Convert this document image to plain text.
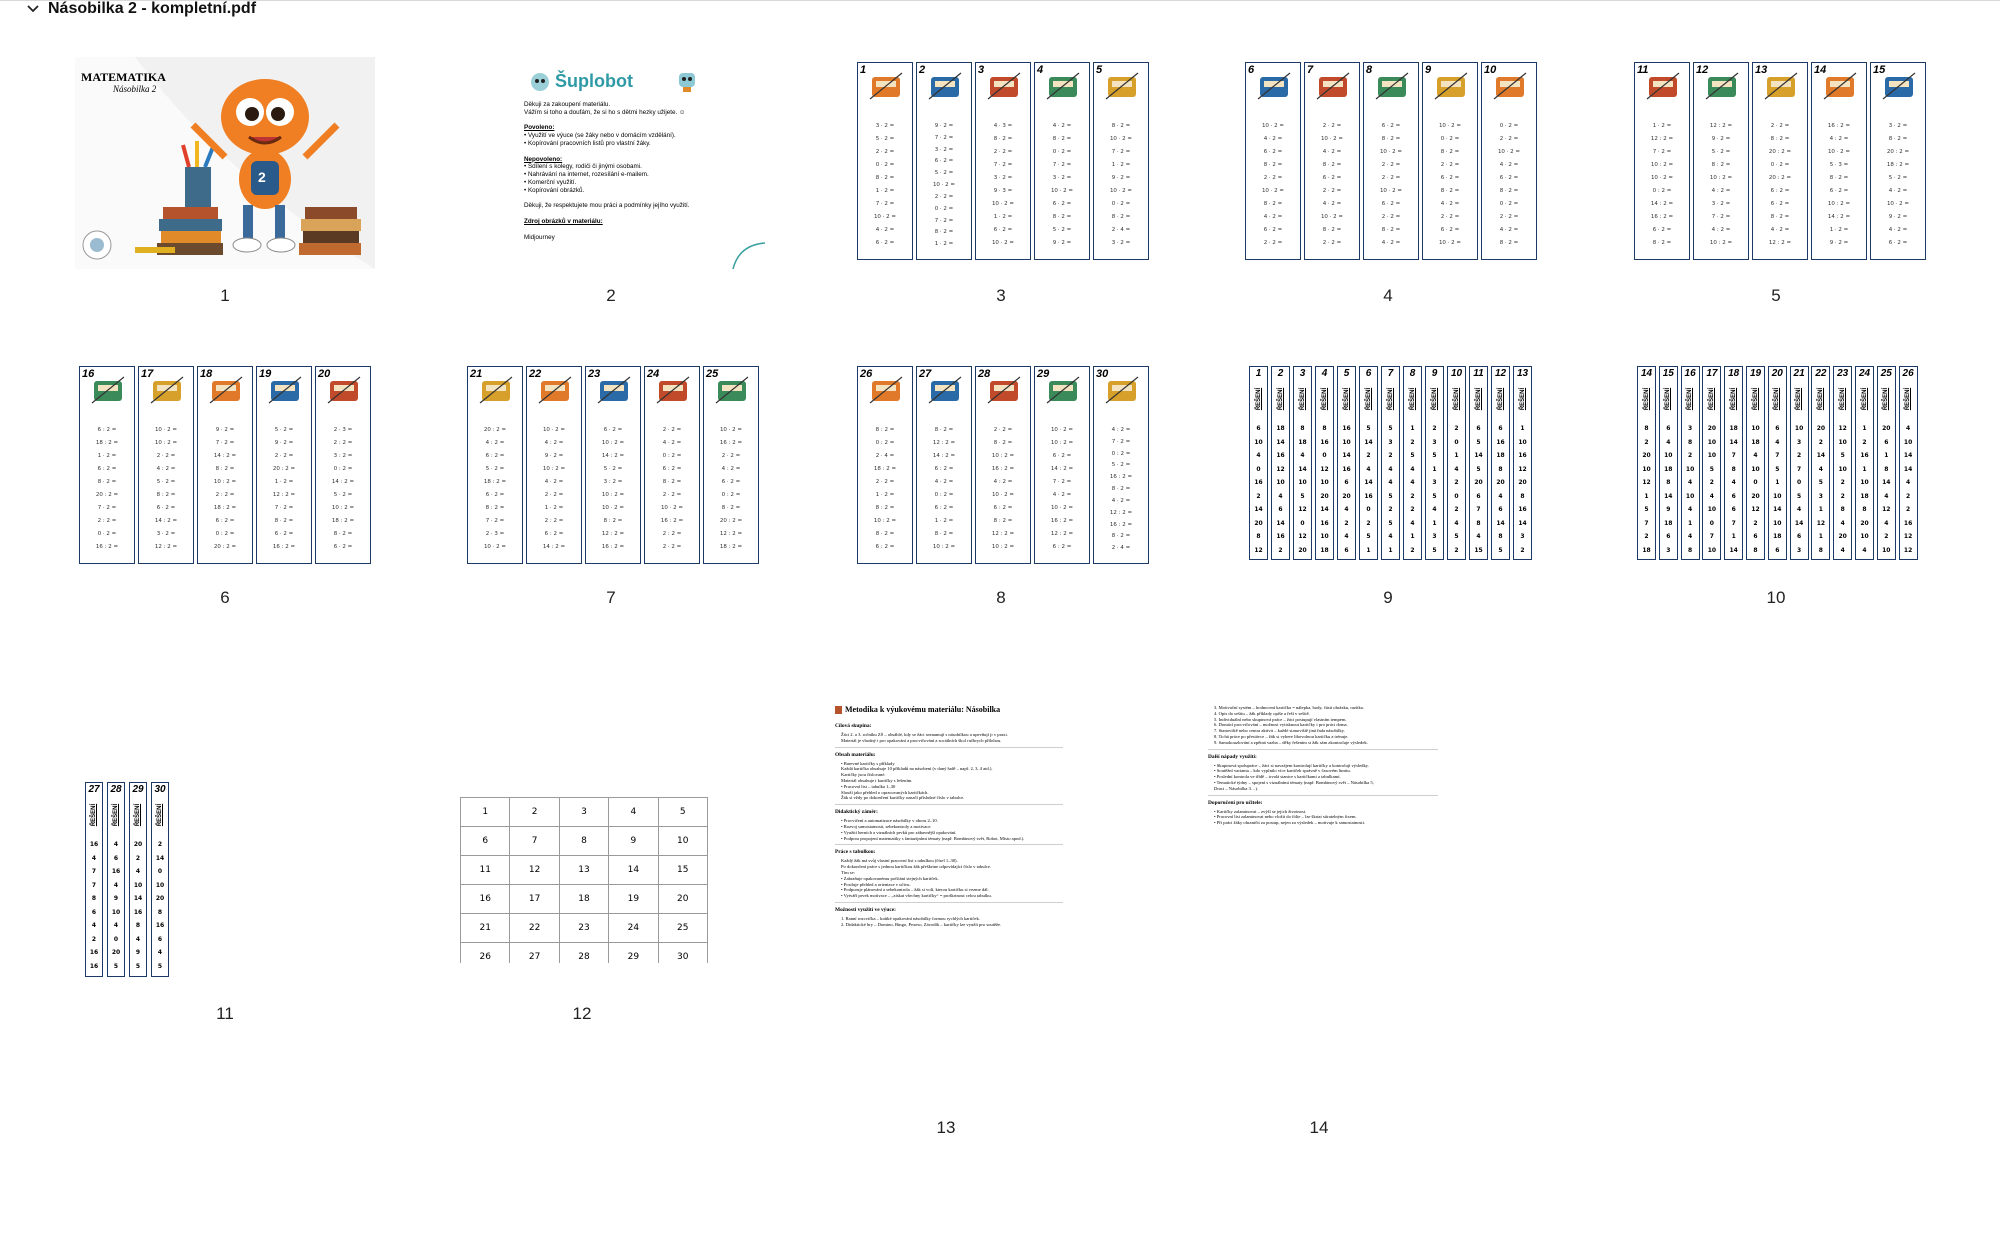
Násobilka 2 - kompletní.pdf
MATEMATIKA
Násobilka 2
2
Šuplobot
Děkuji za zakoupení materiálu.
Vážím si toho a doufám, že si ho s dětmi hezky užijete. ☺
Povoleno:
• Využití ve výuce (se žáky nebo v domácím vzdělání).
• Kopírování pracovních listů pro vlastní žáky.
Nepovoleno:
• Sdílení s kolegy, rodiči či jinými osobami.
• Nahrávání na internet, rozesílání e-mailem.
• Komerční využití.
• Kopírování obrázků.
Děkuji, že respektujete mou práci a podmínky jejího využití.
Zdroj obrázků v materiálu:
Midjourney
1
3 · 2 =
5 · 2 =
2 · 2 =
0 · 2 =
8 · 2 =
1 · 2 =
7 · 2 =
10 · 2 =
4 · 2 =
6 · 2 =
2
9 · 2 =
7 · 2 =
3 · 2 =
6 · 2 =
5 · 2 =
10 · 2 =
2 · 2 =
0 · 2 =
7 · 2 =
8 · 2 =
1 · 2 =
3
4 · 3 =
8 · 2 =
2 · 2 =
7 · 2 =
3 · 2 =
9 · 3 =
10 · 2 =
1 · 2 =
6 · 2 =
10 · 2 =
4
4 · 2 =
8 · 2 =
0 · 2 =
7 · 2 =
3 · 2 =
10 · 2 =
6 · 2 =
8 · 2 =
5 · 2 =
9 · 2 =
5
8 · 2 =
10 · 2 =
7 · 2 =
1 · 2 =
9 · 2 =
10 · 2 =
0 · 2 =
8 · 2 =
2 · 4 =
3 · 2 =
6
10 · 2 =
4 · 2 =
6 · 2 =
8 · 2 =
2 · 2 =
10 · 2 =
8 · 2 =
4 · 2 =
6 · 2 =
2 · 2 =
7
2 · 2 =
10 · 2 =
4 · 2 =
8 · 2 =
6 · 2 =
2 · 2 =
4 · 2 =
10 · 2 =
8 · 2 =
2 · 2 =
8
6 · 2 =
8 · 2 =
10 · 2 =
2 · 2 =
2 · 2 =
10 · 2 =
6 · 2 =
2 · 2 =
8 · 2 =
4 · 2 =
9
10 · 2 =
0 · 2 =
8 · 2 =
2 · 2 =
6 · 2 =
8 · 2 =
4 · 2 =
2 · 2 =
6 · 2 =
10 · 2 =
10
0 · 2 =
2 · 2 =
10 · 2 =
4 · 2 =
6 · 2 =
8 · 2 =
0 · 2 =
2 · 2 =
4 · 2 =
8 · 2 =
11
1 · 2 =
12 : 2 =
7 · 2 =
10 : 2 =
10 · 2 =
0 : 2 =
14 : 2 =
16 : 2 =
6 · 2 =
8 · 2 =
12
12 : 2 =
9 · 2 =
5 · 2 =
8 : 2 =
10 : 2 =
4 : 2 =
3 · 2 =
7 · 2 =
4 : 2 =
10 : 2 =
13
2 · 2 =
8 : 2 =
20 : 2 =
0 · 2 =
20 : 2 =
6 : 2 =
6 · 2 =
8 · 2 =
4 · 2 =
12 : 2 =
14
16 : 2 =
4 : 2 =
10 · 2 =
5 · 3 =
8 · 2 =
6 · 2 =
10 : 2 =
14 : 2 =
1 · 2 =
9 · 2 =
15
3 · 2 =
8 · 2 =
20 : 2 =
18 : 2 =
5 · 2 =
4 · 2 =
10 · 2 =
9 · 2 =
4 · 2 =
6 · 2 =
16
6 : 2 =
18 : 2 =
1 · 2 =
6 : 2 =
8 · 2 =
20 : 2 =
7 · 2 =
2 : 2 =
0 · 2 =
16 : 2 =
17
10 · 2 =
10 : 2 =
2 · 2 =
4 : 2 =
5 · 2 =
8 : 2 =
6 · 2 =
14 : 2 =
3 · 2 =
12 : 2 =
18
9 · 2 =
7 · 2 =
14 : 2 =
8 : 2 =
10 : 2 =
2 : 2 =
18 : 2 =
6 : 2 =
0 : 2 =
20 : 2 =
19
5 · 2 =
9 · 2 =
2 · 2 =
20 : 2 =
1 · 2 =
12 : 2 =
7 · 2 =
8 · 2 =
6 · 2 =
16 : 2 =
20
2 · 3 =
2 : 2 =
3 : 2 =
0 : 2 =
14 : 2 =
5 · 2 =
10 : 2 =
18 : 2 =
8 · 2 =
6 · 2 =
21
20 : 2 =
4 : 2 =
6 : 2 =
5 · 2 =
18 : 2 =
6 · 2 =
8 : 2 =
7 · 2 =
2 · 3 =
10 · 2 =
22
10 · 2 =
4 : 2 =
9 · 2 =
10 : 2 =
4 · 2 =
2 · 2 =
1 · 2 =
2 : 2 =
6 : 2 =
14 : 2 =
23
6 · 2 =
10 : 2 =
14 : 2 =
5 · 2 =
3 : 2 =
10 : 2 =
10 · 2 =
8 : 2 =
12 : 2 =
16 : 2 =
24
2 · 2 =
4 · 2 =
0 : 2 =
6 : 2 =
8 · 2 =
2 · 2 =
10 · 2 =
16 : 2 =
2 : 2 =
2 · 2 =
25
10 · 2 =
16 : 2 =
2 · 2 =
4 : 2 =
6 · 2 =
0 : 2 =
8 · 2 =
20 : 2 =
12 : 2 =
18 : 2 =
26
8 : 2 =
0 : 2 =
2 · 4 =
18 : 2 =
2 · 2 =
1 · 2 =
8 : 2 =
10 : 2 =
8 · 2 =
6 : 2 =
27
8 · 2 =
12 : 2 =
14 : 2 =
6 : 2 =
4 · 2 =
0 : 2 =
6 : 2 =
1 · 2 =
8 · 2 =
10 : 2 =
28
2 · 2 =
8 · 2 =
10 : 2 =
16 : 2 =
4 : 2 =
10 · 2 =
6 : 2 =
8 : 2 =
12 : 2 =
10 : 2 =
29
10 · 2 =
10 : 2 =
6 · 2 =
14 : 2 =
7 · 2 =
4 · 2 =
10 · 2 =
16 : 2 =
12 : 2 =
6 : 2 =
30
4 : 2 =
7 · 2 =
0 : 2 =
5 · 2 =
16 : 2 =
8 · 2 =
4 · 2 =
12 : 2 =
16 : 2 =
8 · 2 =
2 · 4 =
1
ŘEŠENÍ
6
10
4
0
16
2
14
20
8
12
2
ŘEŠENÍ
18
14
16
12
10
4
6
14
16
2
3
ŘEŠENÍ
8
18
4
14
10
5
12
0
12
20
4
ŘEŠENÍ
8
16
0
12
10
20
14
16
10
18
5
ŘEŠENÍ
16
10
14
16
6
20
4
2
4
6
6
ŘEŠENÍ
5
14
2
4
14
16
0
2
5
1
7
ŘEŠENÍ
5
3
2
4
4
5
2
5
4
1
8
ŘEŠENÍ
1
2
5
4
4
2
2
4
1
2
9
ŘEŠENÍ
2
3
5
1
3
5
4
1
3
5
10
ŘEŠENÍ
2
0
1
4
2
0
2
4
5
2
11
ŘEŠENÍ
6
5
14
5
20
6
7
8
4
15
12
ŘEŠENÍ
6
16
18
8
20
4
6
14
8
5
13
ŘEŠENÍ
1
10
16
12
20
8
16
14
3
2
14
ŘEŠENÍ
8
2
20
10
12
1
5
7
2
18
15
ŘEŠENÍ
6
4
10
18
8
14
9
18
6
3
16
ŘEŠENÍ
3
8
2
10
4
10
4
1
4
8
17
ŘEŠENÍ
20
10
10
5
2
4
10
0
7
10
18
ŘEŠENÍ
18
14
7
8
4
6
6
7
1
14
19
ŘEŠENÍ
10
18
4
10
0
20
12
2
6
8
20
ŘEŠENÍ
6
4
7
5
1
10
14
10
18
6
21
ŘEŠENÍ
10
3
2
7
0
5
4
14
6
3
22
ŘEŠENÍ
20
2
14
4
5
3
1
12
1
8
23
ŘEŠENÍ
12
10
5
10
2
2
8
4
20
4
24
ŘEŠENÍ
1
2
16
1
10
18
8
20
10
4
25
ŘEŠENÍ
20
6
1
8
14
4
12
4
2
10
26
ŘEŠENÍ
4
10
14
14
4
2
2
16
12
12
27
ŘEŠENÍ
16
4
7
7
8
6
4
2
16
16
28
ŘEŠENÍ
4
6
16
4
9
10
4
0
20
5
29
ŘEŠENÍ
20
2
4
10
14
16
8
4
9
5
30
ŘEŠENÍ
2
14
0
10
20
8
16
6
4
5
1	2	3	4	5
6	7	8	9	10
11	12	13	14	15
16	17	18	19	20
21	22	23	24	25
26	27	28	29	30
Metodika k výukovému materiálu: Násobilka
Cílová skupina:
Žáci 2. a 3. ročníku ZŠ – obsáhlé, kdy se žáci seznamují s násobilkou a upevňují ji v praxi.
Materiál je vhodný i pro opakování a procvičování a sociálních škol ručbrych přílohou.
Obsah materiálu:
• Barevné kartičky s příklady
Každá kartička obsahuje 10 příkladů na násobení (v daný řadě – např. 2, 3, 4 atd.).
Kartičky jsou číslované.
Materiál obsahuje i kartičky s řešením.
• Pracovní list – tabulka 1–30
Slouží jako přehled o opracovaných kartičkách.
Žák si vždy po dokončení kartičky označí příslušné číslo v tabulce.
Didaktický záměr:
• Procvičení a automatizace násobilky v oboru 2–10.
• Rozvoj samostatnosti, sebekontroly a motivace.
• Využití herních a vizuálních prvků pro zábavnější opakování.
• Podpora propojení matematiky s fantazijními tématy (např. Bombinový svět, Robot, Místo apod.).
Práce s tabulkou:
Každý žák má svůj vlastní pracovní list s tabulkou (čísel 1–30).
Po dokončení práce s jednou kartičkou žák přeškrtne odpovídající číslo v tabulce.
Tím se:
• Zabraňuje opakovanému počítání stejných kartiček.
• Posiluje přehled a orientace v učivu.
• Podporuje plánování a sebekontrola – žák si volí, kterou kartičku si vezme dál.
• Vytváří prvek motivace – „získat všechny kartičky“ = proškrtnout celou tabulku.
Možnosti využití ve výuce:
1. Ranní rozcvička – krátké opakování násobilky formou rychlých kartiček.
2. Didaktické hry – Domino, Bingo, Pexeso, Závodík – kartičky lze využít pro soutěže.
3. Motivační systém – hodnocení kartička = nálepka, body, části obrázku, razítko.
4. Opis do sešitu – žák příklady opíše a řeší v sešitě.
5. Individuální nebo skupinová práce – žáci postupují vlastním tempem.
6. Domácí procvičování – možnost vytisknout kartičky i pro práci doma.
7. Stanoviště nebo centra aktivit – každé stanoviště jiná řada násobilky.
8. Tichá práce po přestávce – žák si vybere libovolnou kartičku a trénuje.
9. Samokouzlování a zpětná vazba – děky řešením si žák sám zkontroluje výsledek.
Další nápady využití:
• Skupinová spolupráce – žáci si navzájem kontrolují kartičky a kontrolují výsledky.
• Soutěžní varianta – kdo vyplnilo více kartiček správně v časovém limitu.
• Poslední kontrola ve třídě – trvalá stanice s kartičkami a tabulkami.
• Tematické týdny – spojení s vizuálními tématy (např. Bombinový svět – Násobilka 5,
Draci – Násobilka 3…).
Doporučení pro učitele:
• Kartičky zalaminovat – zvýší se jejich životnost.
• Pracovní list zalaminovat nebo vložit do fólie – lze škrtat stíratelným fixem.
• Při práci žáky ohraničit za postup, nejen za výsledek – motivuje k samostatnosti.
1	2	3	4	5
6	7	8	9	10
11	12
13	14
